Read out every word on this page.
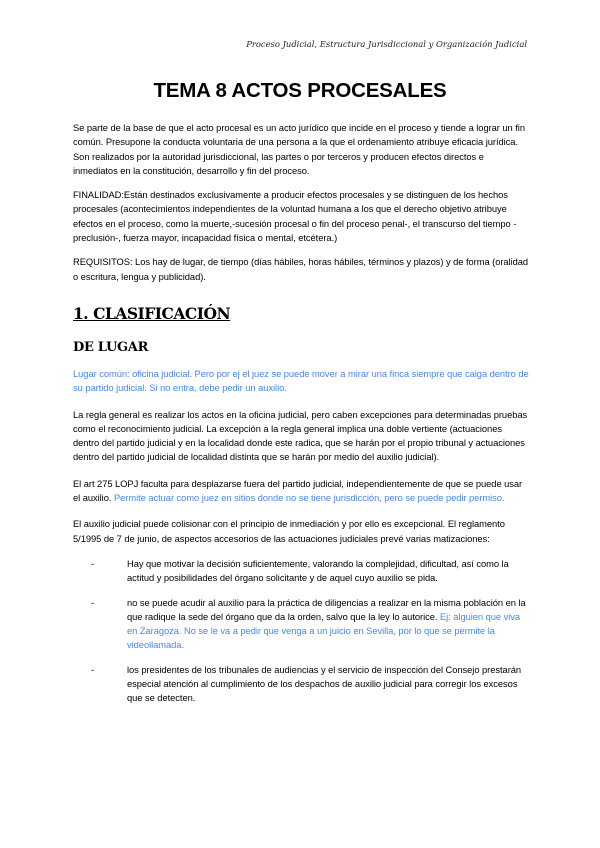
Proceso Judicial, Estructura Jurisdiccional y Organización Judicial
TEMA 8 ACTOS PROCESALES

Se parte de la base de que el acto procesal es un acto jurídico que incide en el proceso y tiende a lograr un fin común. Presupone la conducta voluntaria de una persona a la que el ordenamiento atribuye eficacia jurídica. Son realizados por la autoridad jurisdiccional, las partes o por terceros y producen efectos directos e inmediatos en la constitución, desarrollo y fin del proceso.

FINALIDAD:Están destinados exclusivamente a producir efectos procesales y se distinguen de los hechos procesales (acontecimientos independientes de la voluntad humana a los que el derecho objetivo atribuye efectos en el proceso, como la muerte,-sucesión procesal o fin del proceso penal-, el transcurso del tiempo - preclusión-, fuerza mayor, incapacidad física o mental, etcétera.)

REQUISITOS: Los hay de lugar, de tiempo (días hábiles, horas hábiles, términos y plazos) y de forma (oralidad o escritura, lengua y publicidad).

1. CLASIFICACIÓN
DE LUGAR

Lugar común: oficina judicial. Pero por ej el juez se puede mover a mirar una finca siempre que caiga dentro de su partido judicial. Si no entra, debe pedir un auxilio.

La regla general es realizar los actos en la oficina judicial, pero caben excepciones para determinadas pruebas como el reconocimiento judicial. La excepción a la regla general implica una doble vertiente (actuaciones dentro del partido judicial y en la localidad donde este radica, que se harán por el propio tribunal y actuaciones dentro del partido judicial de localidad distinta que se harán por medio del auxilio judicial).

El art 275 LOPJ faculta para desplazarse fuera del partido judicial, independientemente de que se puede usar el auxilio. Permite actuar como juez en sitios donde no se tiene jurisdicción, pero se puede pedir permiso.

El auxilio judicial puede colisionar con el principio de inmediación y por ello es excepcional. El reglamento 5/1995 de 7 de junio, de aspectos accesorios de las actuaciones judiciales prevé varias matizaciones:

-	Hay que motivar la decisión suficientemente, valorando la complejidad, dificultad, así como la actitud y posibilidades del órgano solicitante y de aquel cuyo auxilio se pida.

-	no se puede acudir al auxilio para la práctica de diligencias a realizar en la misma población en la que radique la sede del órgano que da la orden, salvo que la ley lo autorice. Ej: alguien que viva en Zaragoza. No se le va a pedir que venga a un juicio en Sevilla, por lo que se permite la videollamada.

-	los presidentes de los tribunales de audiencias y el servicio de inspección del Consejo prestarán especial atención al cumplimiento de los despachos de auxilio judicial para corregir los excesos que se detecten.
